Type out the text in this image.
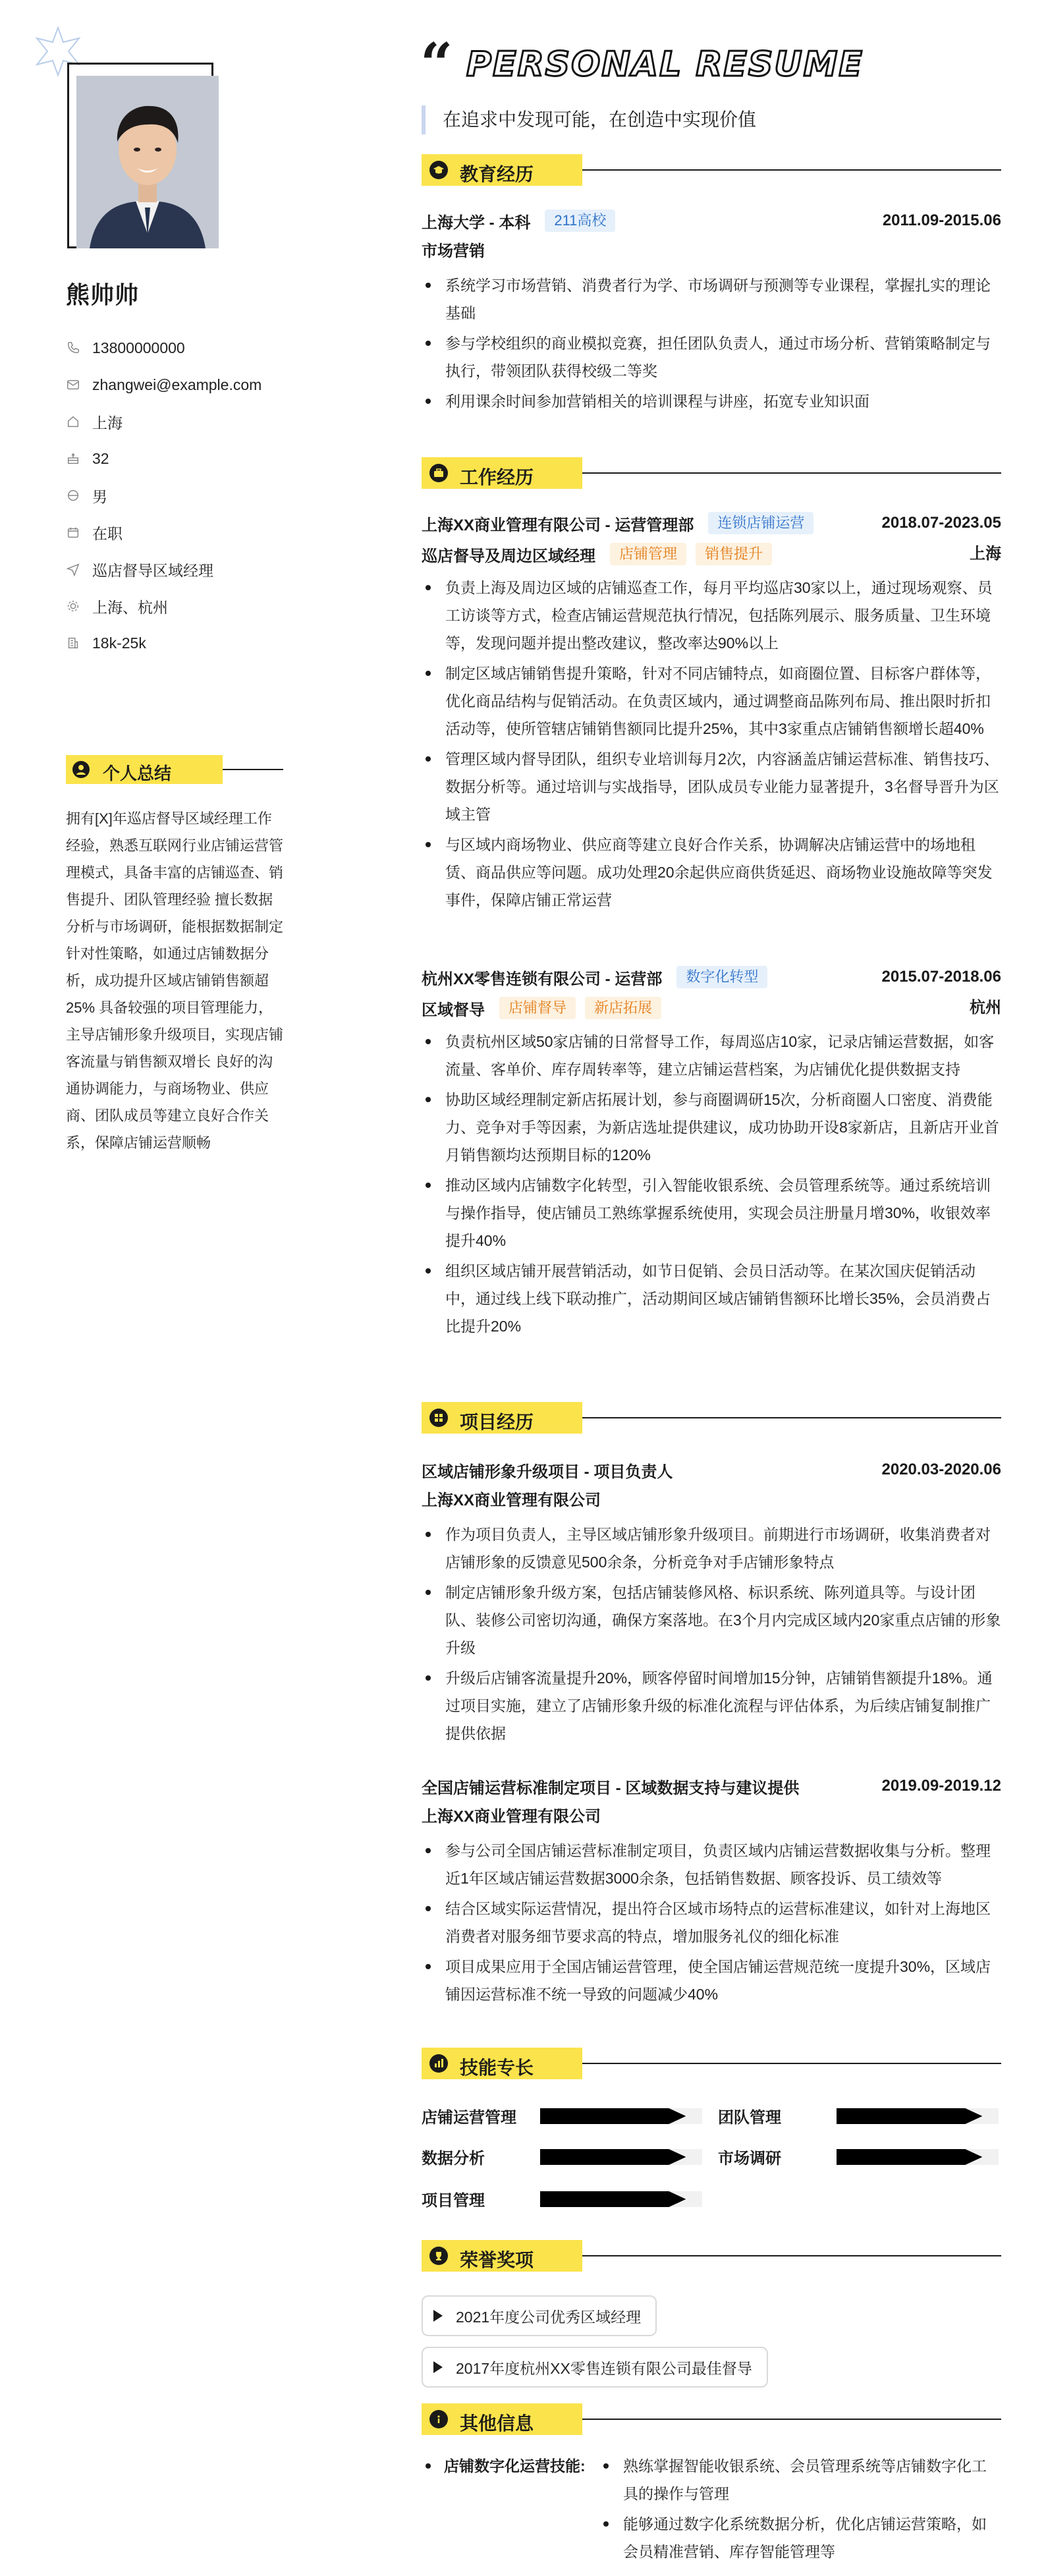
熊帅帅
13800000000
zhangwei@example.com
上海
32
男
在职
巡店督导区域经理
上海、杭州
18k-25k
个人总结
拥有[X]年巡店督导区域经理工作经验，熟悉互联网行业店铺运营管理模式，具备丰富的店铺巡查、销售提升、团队管理经验 擅长数据分析与市场调研，能根据数据制定针对性策略，如通过店铺数据分析，成功提升区域店铺销售额超25% 具备较强的项目管理能力，主导店铺形象升级项目，实现店铺客流量与销售额双增长 良好的沟通协调能力，与商场物业、供应商、团队成员等建立良好合作关系，保障店铺运营顺畅
“ PERSONAL RESUME
在追求中发现可能，在创造中实现价值
教育经历
上海大学 - 本科	211高校	2011.09-2015.06
市场营销
系统学习市场营销、消费者行为学、市场调研与预测等专业课程，掌握扎实的理论基础
参与学校组织的商业模拟竞赛，担任团队负责人，通过市场分析、营销策略制定与执行，带领团队获得校级二等奖
利用课余时间参加营销相关的培训课程与讲座，拓宽专业知识面
工作经历
上海XX商业管理有限公司 - 运营管理部	连锁店铺运营	2018.07-2023.05
巡店督导及周边区域经理	店铺管理	销售提升	上海
负责上海及周边区域的店铺巡查工作，每月平均巡店30家以上，通过现场观察、员工访谈等方式，检查店铺运营规范执行情况，包括陈列展示、服务质量、卫生环境等，发现问题并提出整改建议，整改率达90%以上
制定区域店铺销售提升策略，针对不同店铺特点，如商圈位置、目标客户群体等，优化商品结构与促销活动。在负责区域内，通过调整商品陈列布局、推出限时折扣活动等，使所管辖店铺销售额同比提升25%，其中3家重点店铺销售额增长超40%
管理区域内督导团队，组织专业培训每月2次，内容涵盖店铺运营标准、销售技巧、数据分析等。通过培训与实战指导，团队成员专业能力显著提升，3名督导晋升为区域主管
与区域内商场物业、供应商等建立良好合作关系，协调解决店铺运营中的场地租赁、商品供应等问题。成功处理20余起供应商供货延迟、商场物业设施故障等突发事件，保障店铺正常运营
杭州XX零售连锁有限公司 - 运营部	数字化转型	2015.07-2018.06
区域督导	店铺督导	新店拓展	杭州
负责杭州区域50家店铺的日常督导工作，每周巡店10家，记录店铺运营数据，如客流量、客单价、库存周转率等，建立店铺运营档案，为店铺优化提供数据支持
协助区域经理制定新店拓展计划，参与商圈调研15次，分析商圈人口密度、消费能力、竞争对手等因素，为新店选址提供建议，成功协助开设8家新店，且新店开业首月销售额均达预期目标的120%
推动区域内店铺数字化转型，引入智能收银系统、会员管理系统等。通过系统培训与操作指导，使店铺员工熟练掌握系统使用，实现会员注册量月增30%，收银效率提升40%
组织区域店铺开展营销活动，如节日促销、会员日活动等。在某次国庆促销活动中，通过线上线下联动推广，活动期间区域店铺销售额环比增长35%，会员消费占比提升20%
项目经历
区域店铺形象升级项目 - 项目负责人	2020.03-2020.06
上海XX商业管理有限公司
作为项目负责人，主导区域店铺形象升级项目。前期进行市场调研，收集消费者对店铺形象的反馈意见500余条，分析竞争对手店铺形象特点
制定店铺形象升级方案，包括店铺装修风格、标识系统、陈列道具等。与设计团队、装修公司密切沟通，确保方案落地。在3个月内完成区域内20家重点店铺的形象升级
升级后店铺客流量提升20%，顾客停留时间增加15分钟，店铺销售额提升18%。通过项目实施，建立了店铺形象升级的标准化流程与评估体系，为后续店铺复制推广提供依据
全国店铺运营标准制定项目 - 区域数据支持与建议提供	2019.09-2019.12
上海XX商业管理有限公司
参与公司全国店铺运营标准制定项目，负责区域内店铺运营数据收集与分析。整理近1年区域店铺运营数据3000余条，包括销售数据、顾客投诉、员工绩效等
结合区域实际运营情况，提出符合区域市场特点的运营标准建议，如针对上海地区消费者对服务细节要求高的特点，增加服务礼仪的细化标准
项目成果应用于全国店铺运营管理，使全国店铺运营规范统一度提升30%，区域店铺因运营标准不统一导致的问题减少40%
技能专长
店铺运营管理	团队管理
数据分析	市场调研
项目管理
荣誉奖项
2021年度公司优秀区域经理
2017年度杭州XX零售连锁有限公司最佳督导
其他信息
店铺数字化运营技能:	熟练掌握智能收银系统、会员管理系统等店铺数字化工具的操作与管理
能够通过数字化系统数据分析，优化店铺运营策略，如会员精准营销、库存智能管理等
